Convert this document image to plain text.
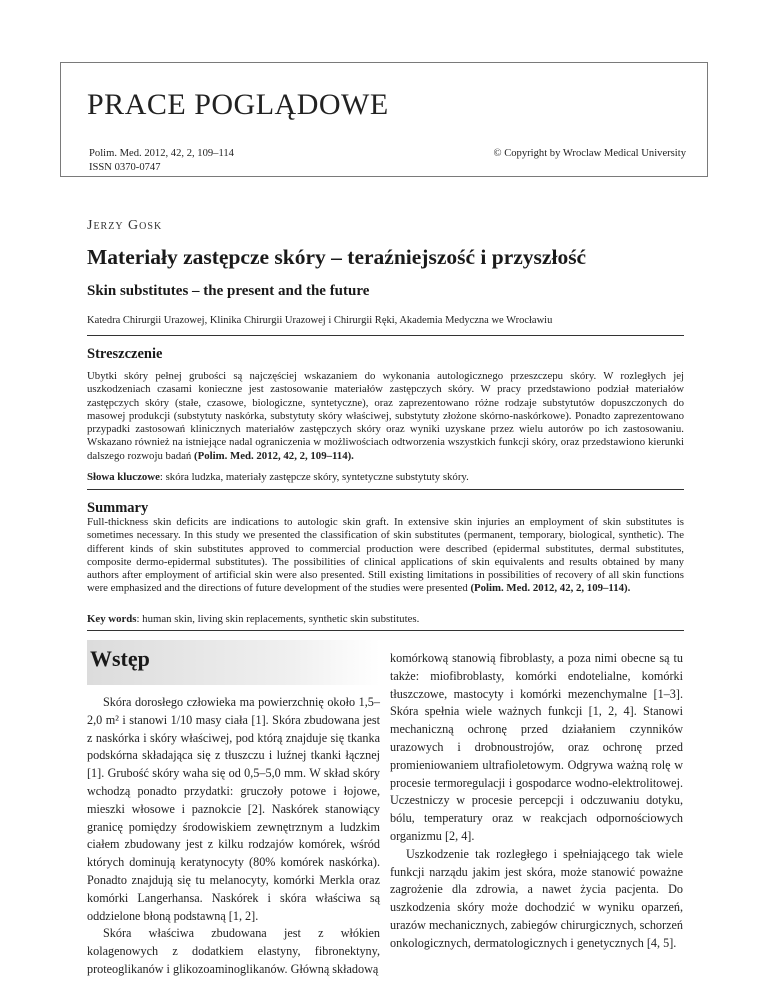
PRACE POGLĄDOWE
Polim. Med. 2012, 42, 2, 109–114
ISSN 0370-0747
© Copyright by Wroclaw Medical University
Jerzy Gosk
Materiały zastępcze skóry – teraźniejszość i przyszłość
Skin substitutes – the present and the future
Katedra Chirurgii Urazowej, Klinika Chirurgii Urazowej i Chirurgii Ręki, Akademia Medyczna we Wrocławiu
Streszczenie
Ubytki skóry pełnej grubości są najczęściej wskazaniem do wykonania autologicznego przeszczepu skóry. W rozległych jej uszkodzeniach czasami konieczne jest zastosowanie materiałów zastępczych skóry. W pracy przedstawiono podział materiałów zastępczych skóry (stałe, czasowe, biologiczne, syntetyczne), oraz zaprezentowano różne rodzaje substytutów dopuszczonych do masowej produkcji (substytuty naskórka, substytuty skóry właściwej, substytuty złożone skórno-naskórkowe). Ponadto zaprezentowano przypadki zastosowań klinicznych materiałów zastępczych skóry oraz wyniki uzyskane przez wielu autorów po ich zastosowaniu. Wskazano również na istniejące nadal ograniczenia w możliwościach odtworzenia wszystkich funkcji skóry, oraz przedstawiono kierunki dalszego rozwoju badań (Polim. Med. 2012, 42, 2, 109–114).
Słowa kluczowe: skóra ludzka, materiały zastępcze skóry, syntetyczne substytuty skóry.
Summary
Full-thickness skin deficits are indications to autologic skin graft. In extensive skin injuries an employment of skin substitutes is sometimes necessary. In this study we presented the classification of skin substitutes (permanent, temporary, biological, synthetic). The different kinds of skin substitutes approved to commercial production were described (epidermal substitutes, dermal substitutes, composite dermo-epidermal substitutes). The possibilities of clinical applications of skin equivalents and results obtained by many authors after employment of artificial skin were also presented. Still existing limitations in possibilities of recovery of all skin functions were emphasized and the directions of future development of the studies were presented (Polim. Med. 2012, 42, 2, 109–114).
Key words: human skin, living skin replacements, synthetic skin substitutes.
Wstęp

Skóra dorosłego człowieka ma powierzchnię około 1,5–2,0 m² i stanowi 1/10 masy ciała [1]. Skóra zbudowana jest z naskórka i skóry właściwej, pod którą znajduje się tkanka podskórna składająca się z tłuszczu i luźnej tkanki łącznej [1]. Grubość skóry waha się od 0,5–5,0 mm. W skład skóry wchodzą ponadto przydatki: gruczoły potowe i łojowe, mieszki włosowe i paznokcie [2]. Naskórek stanowiący granicę pomiędzy środowiskiem zewnętrznym a ludzkim ciałem zbudowany jest z kilku rodzajów komórek, wśród których dominują keratynocyty (80% komórek naskórka). Ponadto znajdują się tu melanocyty, komórki Merkla oraz komórki Langerhansa. Naskórek i skóra właściwa są oddzielone błoną podstawną [1, 2].

Skóra właściwa zbudowana jest z włókien kolagenowych z dodatkiem elastyny, fibronektyny, proteoglikanów i glikozoaminoglikanów. Główną składową

komórkową stanowią fibroblasty, a poza nimi obecne są tu także: miofibroblasty, komórki endotelialne, komórki tłuszczowe, mastocyty i komórki mezenchymalne [1–3]. Skóra spełnia wiele ważnych funkcji [1, 2, 4]. Stanowi mechaniczną ochronę przed działaniem czynników urazowych i drobnoustrojów, oraz ochronę przed promieniowaniem ultrafioletowym. Odgrywa ważną rolę w procesie termoregulacji i gospodarce wodno-elektrolitowej. Uczestniczy w procesie percepcji i odczuwaniu dotyku, bólu, temperatury oraz w reakcjach odpornościowych organizmu [2, 4].

Uszkodzenie tak rozległego i spełniającego tak wiele funkcji narządu jakim jest skóra, może stanowić poważne zagrożenie dla zdrowia, a nawet życia pacjenta. Do uszkodzenia skóry może dochodzić w wyniku oparzeń, urazów mechanicznych, zabiegów chirurgicznych, schorzeń onkologicznych, dermatologicznych i genetycznych [4, 5].
